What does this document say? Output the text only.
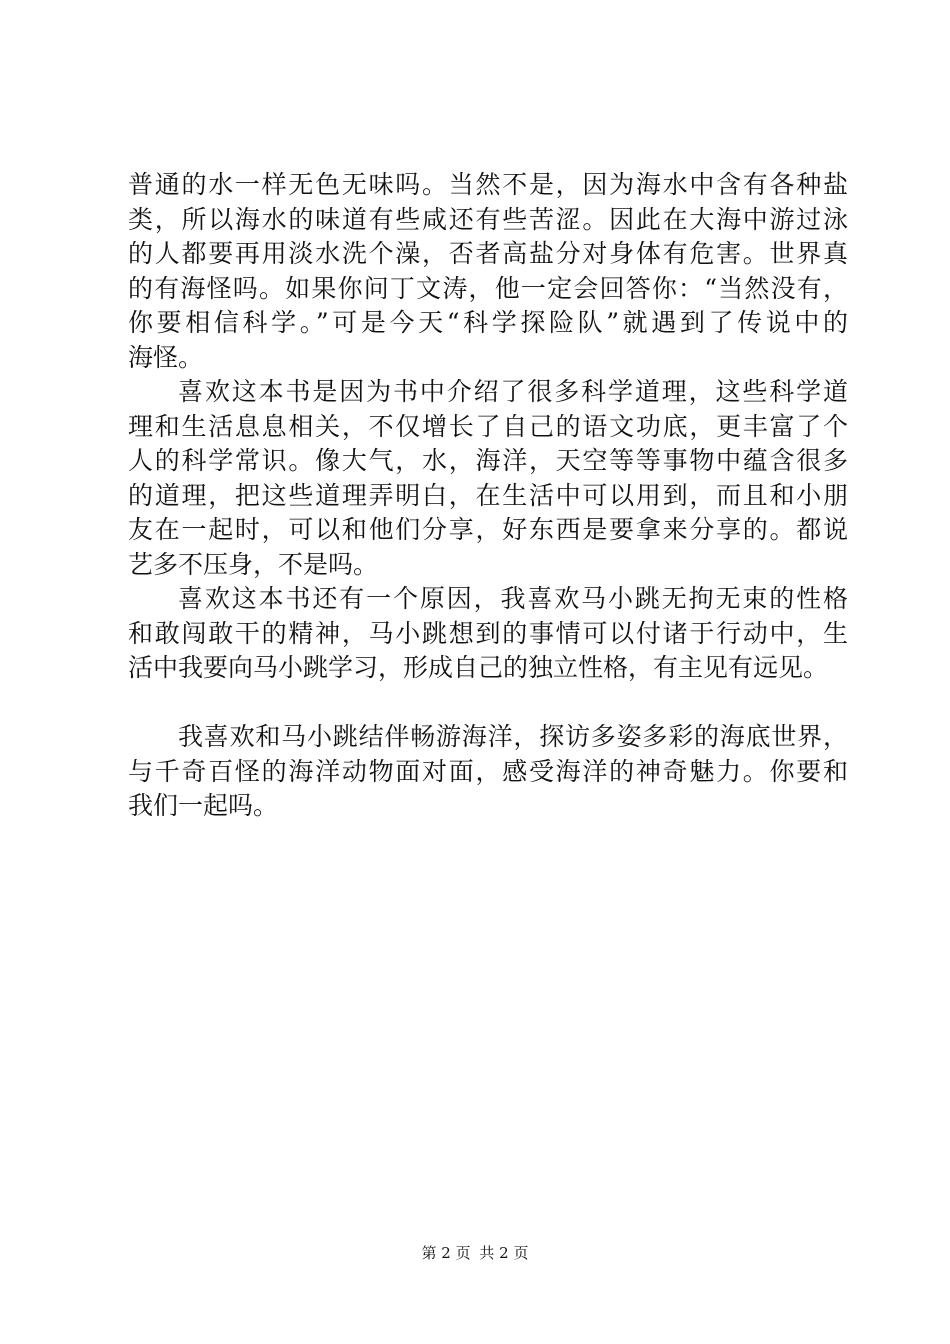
普通的水一样无色无味吗。当然不是，因为海水中含有各种盐
类，所以海水的味道有些咸还有些苦涩。因此在大海中游过泳
的人都要再用淡水洗个澡，否者高盐分对身体有危害。世界真
的有海怪吗。如果你问丁文涛，他一定会回答你：“当然没有，
你要相信科学。”可是今天“科学探险队”就遇到了传说中的
海怪。
喜欢这本书是因为书中介绍了很多科学道理，这些科学道
理和生活息息相关，不仅增长了自己的语文功底，更丰富了个
人的科学常识。像大气，水，海洋，天空等等事物中蕴含很多
的道理，把这些道理弄明白，在生活中可以用到，而且和小朋
友在一起时，可以和他们分享，好东西是要拿来分享的。都说
艺多不压身，不是吗。
喜欢这本书还有一个原因，我喜欢马小跳无拘无束的性格
和敢闯敢干的精神，马小跳想到的事情可以付诸于行动中，生
活中我要向马小跳学习，形成自己的独立性格，有主见有远见。
我喜欢和马小跳结伴畅游海洋，探访多姿多彩的海底世界，
与千奇百怪的海洋动物面对面，感受海洋的神奇魅力。你要和
我们一起吗。
第 2 页 共 2 页
